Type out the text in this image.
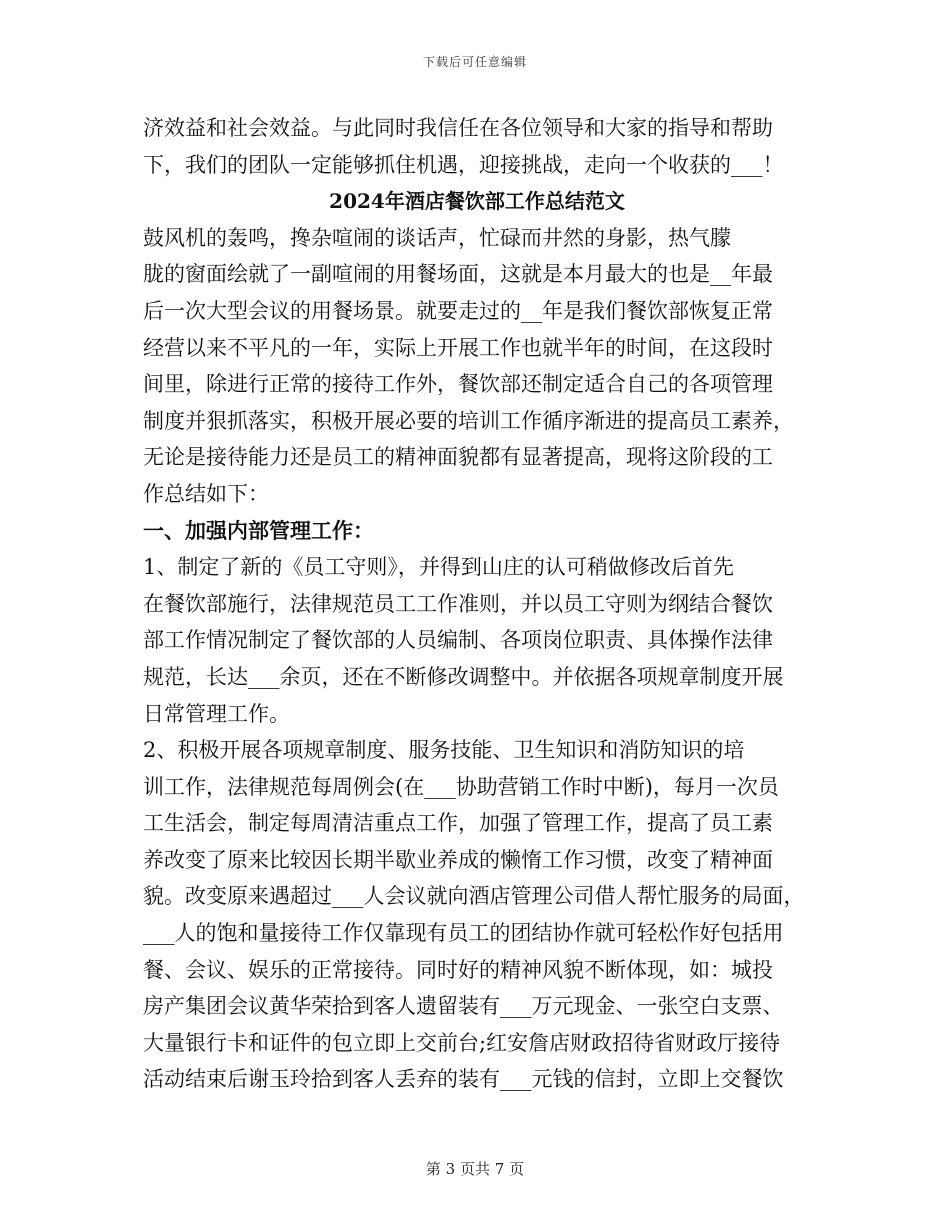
下载后可任意编辑
济效益和社会效益。与此同时我信任在各位领导和大家的指导和帮助
下，我们的团队一定能够抓住机遇，迎接挑战，走向一个收获的___！
2024年酒店餐饮部工作总结范文
鼓风机的轰鸣，搀杂喧闹的谈话声，忙碌而井然的身影，热气朦
胧的窗面绘就了一副喧闹的用餐场面，这就是本月最大的也是__年最
后一次大型会议的用餐场景。就要走过的__年是我们餐饮部恢复正常
经营以来不平凡的一年，实际上开展工作也就半年的时间，在这段时
间里，除进行正常的接待工作外，餐饮部还制定适合自己的各项管理
制度并狠抓落实，积极开展必要的培训工作循序渐进的提高员工素养，
无论是接待能力还是员工的精神面貌都有显著提高，现将这阶段的工
作总结如下：
一、加强内部管理工作：
1、制定了新的《员工守则》，并得到山庄的认可稍做修改后首先
在餐饮部施行，法律规范员工工作准则，并以员工守则为纲结合餐饮
部工作情况制定了餐饮部的人员编制、各项岗位职责、具体操作法律
规范，长达___余页，还在不断修改调整中。并依据各项规章制度开展
日常管理工作。
2、积极开展各项规章制度、服务技能、卫生知识和消防知识的培
训工作，法律规范每周例会(在___协助营销工作时中断)，每月一次员
工生活会，制定每周清洁重点工作，加强了管理工作，提高了员工素
养改变了原来比较因长期半歇业养成的懒惰工作习惯，改变了精神面
貌。改变原来遇超过___人会议就向酒店管理公司借人帮忙服务的局面，
___人的饱和量接待工作仅靠现有员工的团结协作就可轻松作好包括用
餐、会议、娱乐的正常接待。同时好的精神风貌不断体现，如：城投
房产集团会议黄华荣拾到客人遗留装有___万元现金、一张空白支票、
大量银行卡和证件的包立即上交前台;红安詹店财政招待省财政厅接待
活动结束后谢玉玲拾到客人丢弃的装有___元钱的信封，立即上交餐饮
第 3 页共 7 页
